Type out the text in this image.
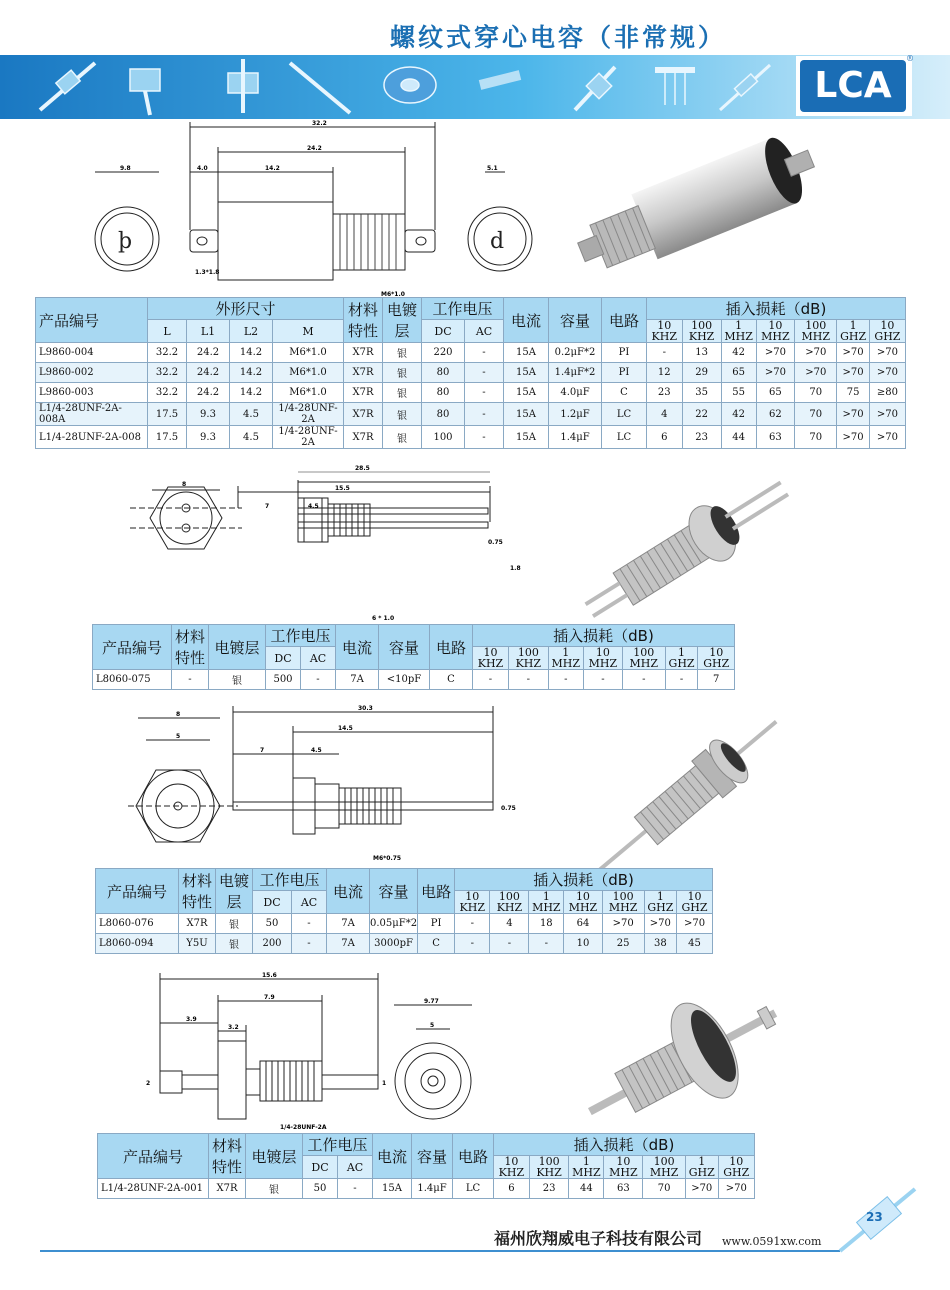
螺纹式穿心电容（非常规）
LCA
®
þ	d
32.2
24.2
4.0	14.2
9.8	5.1
1.3*1.8
M6*1.0
产品编号	外形尺寸				材料特性	电镀层	工作电压		电流	容量	电路	插入损耗（dB)						
	L	L1	L2	M			DC	AC				10 KHZ	100 KHZ	1 MHZ	10 MHZ	100 MHZ	1 GHZ	10 GHZ
L9860-004	32.2	24.2	14.2	M6*1.0	X7R	银	220	-	15A	0.2μF*2	PI	-	13	42	>70	>70	>70	>70
L9860-002	32.2	24.2	14.2	M6*1.0	X7R	银	80	-	15A	1.4μF*2	PI	12	29	65	>70	>70	>70	>70
L9860-003	32.2	24.2	14.2	M6*1.0	X7R	银	80	-	15A	4.0μF	C	23	35	55	65	70	75	≥80
L1/4-28UNF-2A-008A	17.5	9.3	4.5	1/4-28UNF-2A	X7R	银	80	-	15A	1.2μF	LC	4	22	42	62	70	>70	>70
L1/4-28UNF-2A-008	17.5	9.3	4.5	1/4-28UNF-2A	X7R	银	100	-	15A	1.4μF	LC	6	23	44	63	70	>70	>70
28.5
8
7
15.5
4.5
0.75
1.8
6 * 1.0
产品编号	材料特性	电镀层	工作电压		电流	容量	电路	插入损耗（dB)						
			DC	AC				10 KHZ	100 KHZ	1 MHZ	10 MHZ	100 MHZ	1 GHZ	10 GHZ
L8060-075	-	银	500	-	7A	<10pF	C	-	-	-	-	-	-	7
30.3
8
5
14.5
7	4.5
0.75
M6*0.75
产品编号	材料特性	电镀层	工作电压		电流	容量	电路	插入损耗（dB)						
			DC	AC				10 KHZ	100 KHZ	1 MHZ	10 MHZ	100 MHZ	1 GHZ	10 GHZ
L8060-076	X7R	银	50	-	7A	0.05μF*2	PI	-	4	18	64	>70	>70	>70
L8060-094	Y5U	银	200	-	7A	3000pF	C	-	-	-	10	25	38	45
15.6
7.9
3.9
3.2
2	1
1/4-28UNF-2A
9.77
5
产品编号	材料特性	电镀层	工作电压		电流	容量	电路	插入损耗（dB)						
			DC	AC				10 KHZ	100 KHZ	1 MHZ	10 MHZ	100 MHZ	1 GHZ	10 GHZ
L1/4-28UNF-2A-001	X7R	银	50	-	15A	1.4μF	LC	6	23	44	63	70	>70	>70
福州欣翔威电子科技有限公司 www.0591xw.com
23
